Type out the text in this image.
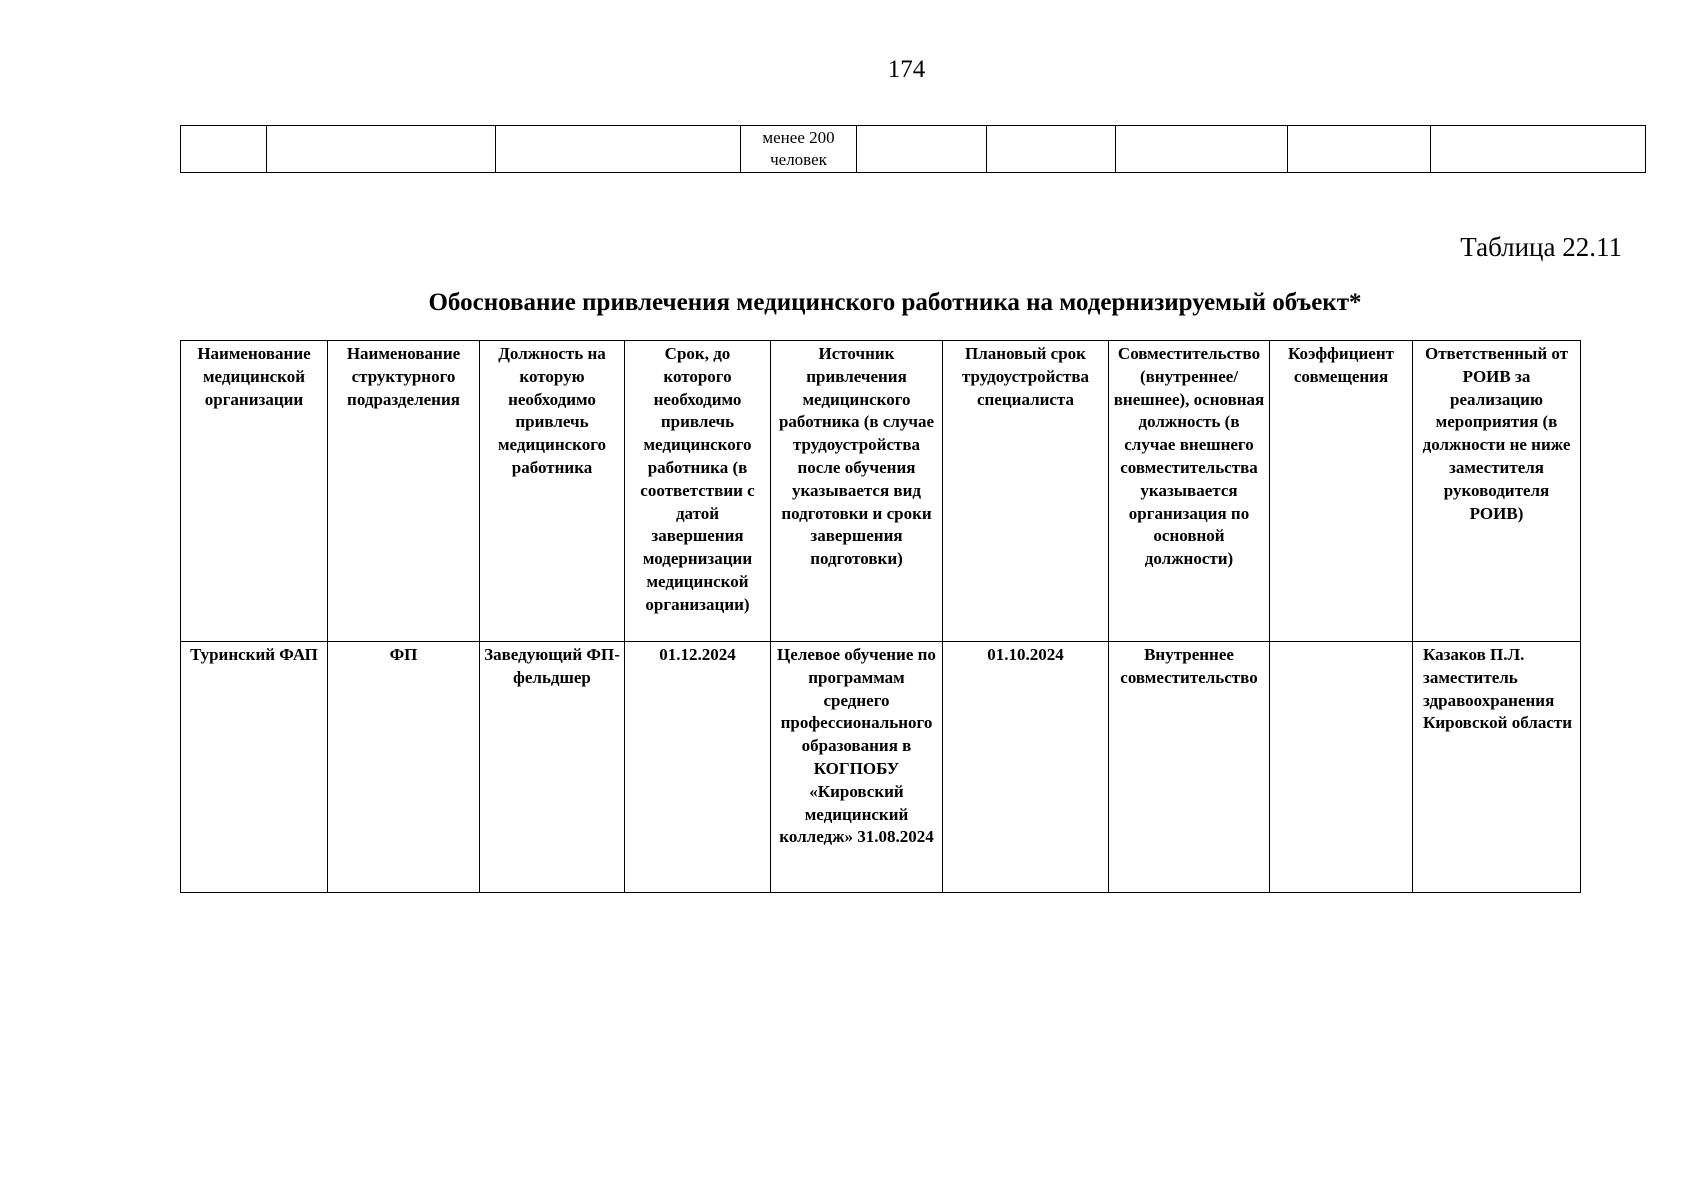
174
			менее 200 человек					
Таблица 22.11
Обоснование привлечения медицинского работника на модернизируемый объект*
Наименование медицинской организации	Наименование структурного подразделения	Должность на которую необходимо привлечь медицинского работника	Срок, до которого необходимо привлечь медицинского работника (в соответствии с датой завершения модернизации медицинской организации)	Источник привлечения медицинского работника (в случае трудоустройства после обучения указывается вид подготовки и сроки завершения подготовки)	Плановый срок трудоустройства специалиста	Совместительство (внутреннее/внешнее), основная должность (в случае внешнего совместительства указывается организация по основной должности)	Коэффициент совмещения	Ответственный от РОИВ за реализацию мероприятия (в должности не ниже заместителя руководителя РОИВ)
Туринский ФАП	ФП	Заведующий ФП-фельдшер	01.12.2024	Целевое обучение по программам среднего профессионального образования в КОГПОБУ «Кировский медицинский колледж» 31.08.2024	01.10.2024	Внутреннее совместительство		Казаков П.Л. заместитель здравоохранения Кировской области
